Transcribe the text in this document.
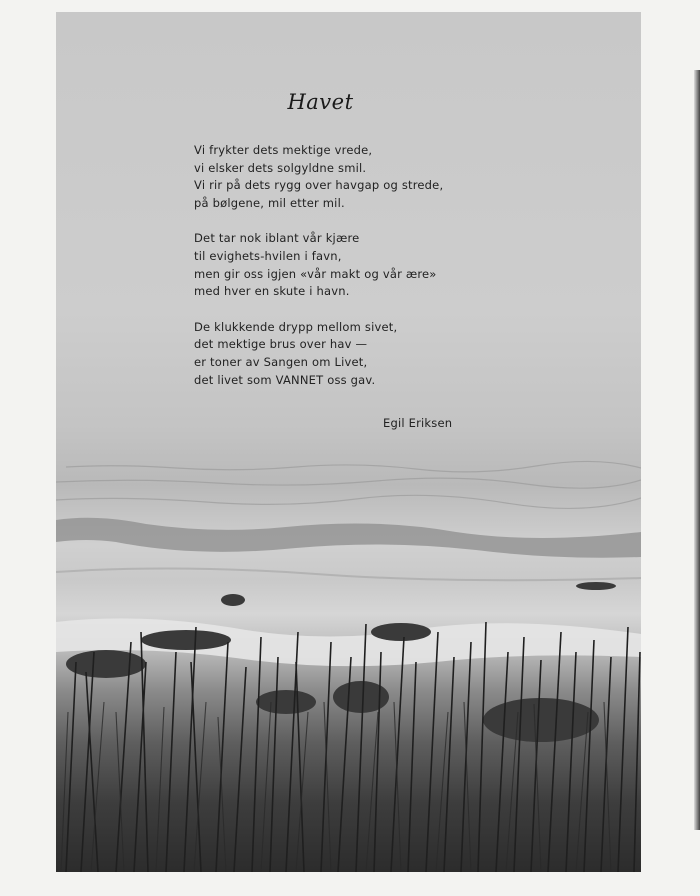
Havet
Vi frykter dets mektige vrede,
vi elsker dets solgyldne smil.
Vi rir på dets rygg over havgap og strede,
på bølgene, mil etter mil.
Det tar nok iblant vår kjære
til evighets-hvilen i favn,
men gir oss igjen «vår makt og vår ære»
med hver en skute i havn.
De klukkende drypp mellom sivet,
det mektige brus over hav —
er toner av Sangen om Livet,
det livet som VANNET oss gav.
Egil Eriksen
